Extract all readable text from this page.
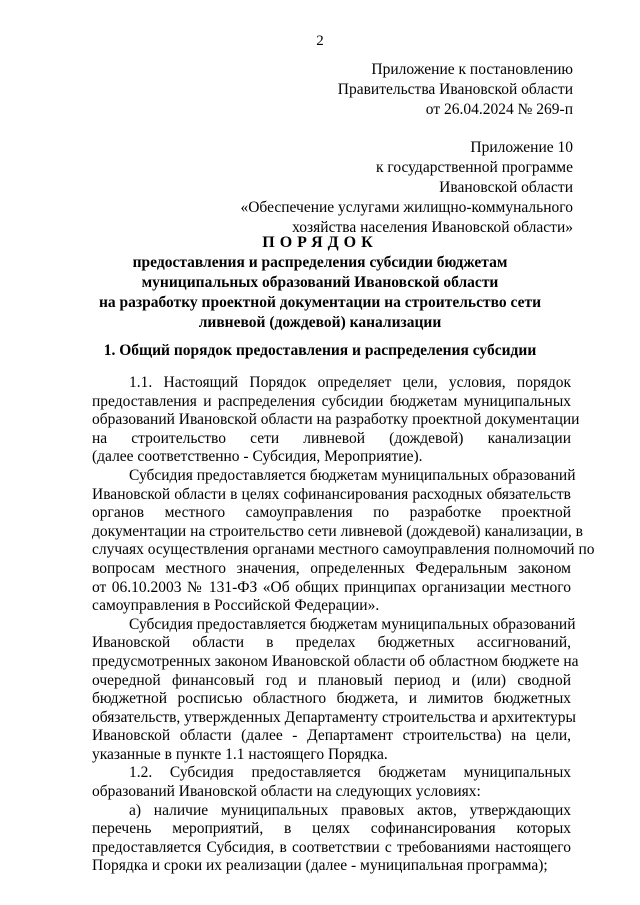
2
Приложение к постановлению
Правительства Ивановской области
от 26.04.2024 № 269-п
Приложение 10
к государственной программе
Ивановской области
«Обеспечение услугами жилищно-коммунального
хозяйства населения Ивановской области»
ПОРЯДОК
предоставления и распределения субсидии бюджетам
муниципальных образований Ивановской области
на разработку проектной документации на строительство сети
ливневой (дождевой) канализации
1. Общий порядок предоставления и распределения субсидии
1.1. Настоящий Порядок определяет цели, условия, порядок
предоставления и распределения субсидии бюджетам муниципальных
образований Ивановской области на разработку проектной документации
на строительство сети ливневой (дождевой) канализации
(далее соответственно - Субсидия, Мероприятие).
Субсидия предоставляется бюджетам муниципальных образований
Ивановской области в целях софинансирования расходных обязательств
органов местного самоуправления по разработке проектной
документации на строительство сети ливневой (дождевой) канализации, в
случаях осуществления органами местного самоуправления полномочий по
вопросам местного значения, определенных Федеральным законом
от 06.10.2003 № 131-ФЗ «Об общих принципах организации местного
самоуправления в Российской Федерации».
Субсидия предоставляется бюджетам муниципальных образований
Ивановской области в пределах бюджетных ассигнований,
предусмотренных законом Ивановской области об областном бюджете на
очередной финансовый год и плановый период и (или) сводной
бюджетной росписью областного бюджета, и лимитов бюджетных
обязательств, утвержденных Департаменту строительства и архитектуры
Ивановской области (далее - Департамент строительства) на цели,
указанные в пункте 1.1 настоящего Порядка.
1.2. Субсидия предоставляется бюджетам муниципальных
образований Ивановской области на следующих условиях:
а) наличие муниципальных правовых актов, утверждающих
перечень мероприятий, в целях софинансирования которых
предоставляется Субсидия, в соответствии с требованиями настоящего
Порядка и сроки их реализации (далее - муниципальная программа);
